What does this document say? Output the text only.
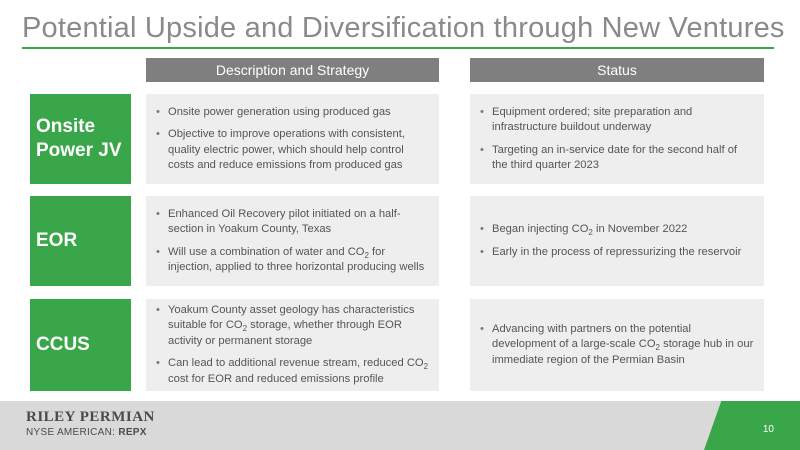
Potential Upside and Diversification through New Ventures
Description and Strategy	Status
Onsite
Power JV
• Onsite power generation using produced gas
• Objective to improve operations with consistent, quality electric power, which should help control costs and reduce emissions from produced gas
• Equipment ordered; site preparation and infrastructure buildout underway
• Targeting an in-service date for the second half of the third quarter 2023
EOR
• Enhanced Oil Recovery pilot initiated on a half-section in Yoakum County, Texas
• Will use a combination of water and $CO_2$ for injection, applied to three horizontal producing wells
• Began injecting $CO_2$ in November 2022
• Early in the process of repressurizing the reservoir
CCUS
• Yoakum County asset geology has characteristics suitable for $CO_2$ storage, whether through EOR activity or permanent storage
• Can lead to additional revenue stream, reduced $CO_2$ cost for EOR and reduced emissions profile
• Advancing with partners on the potential development of a large-scale $CO_2$ storage hub in our immediate region of the Permian Basin
RILEY PERMIAN
NYSE AMERICAN: REPX	10
